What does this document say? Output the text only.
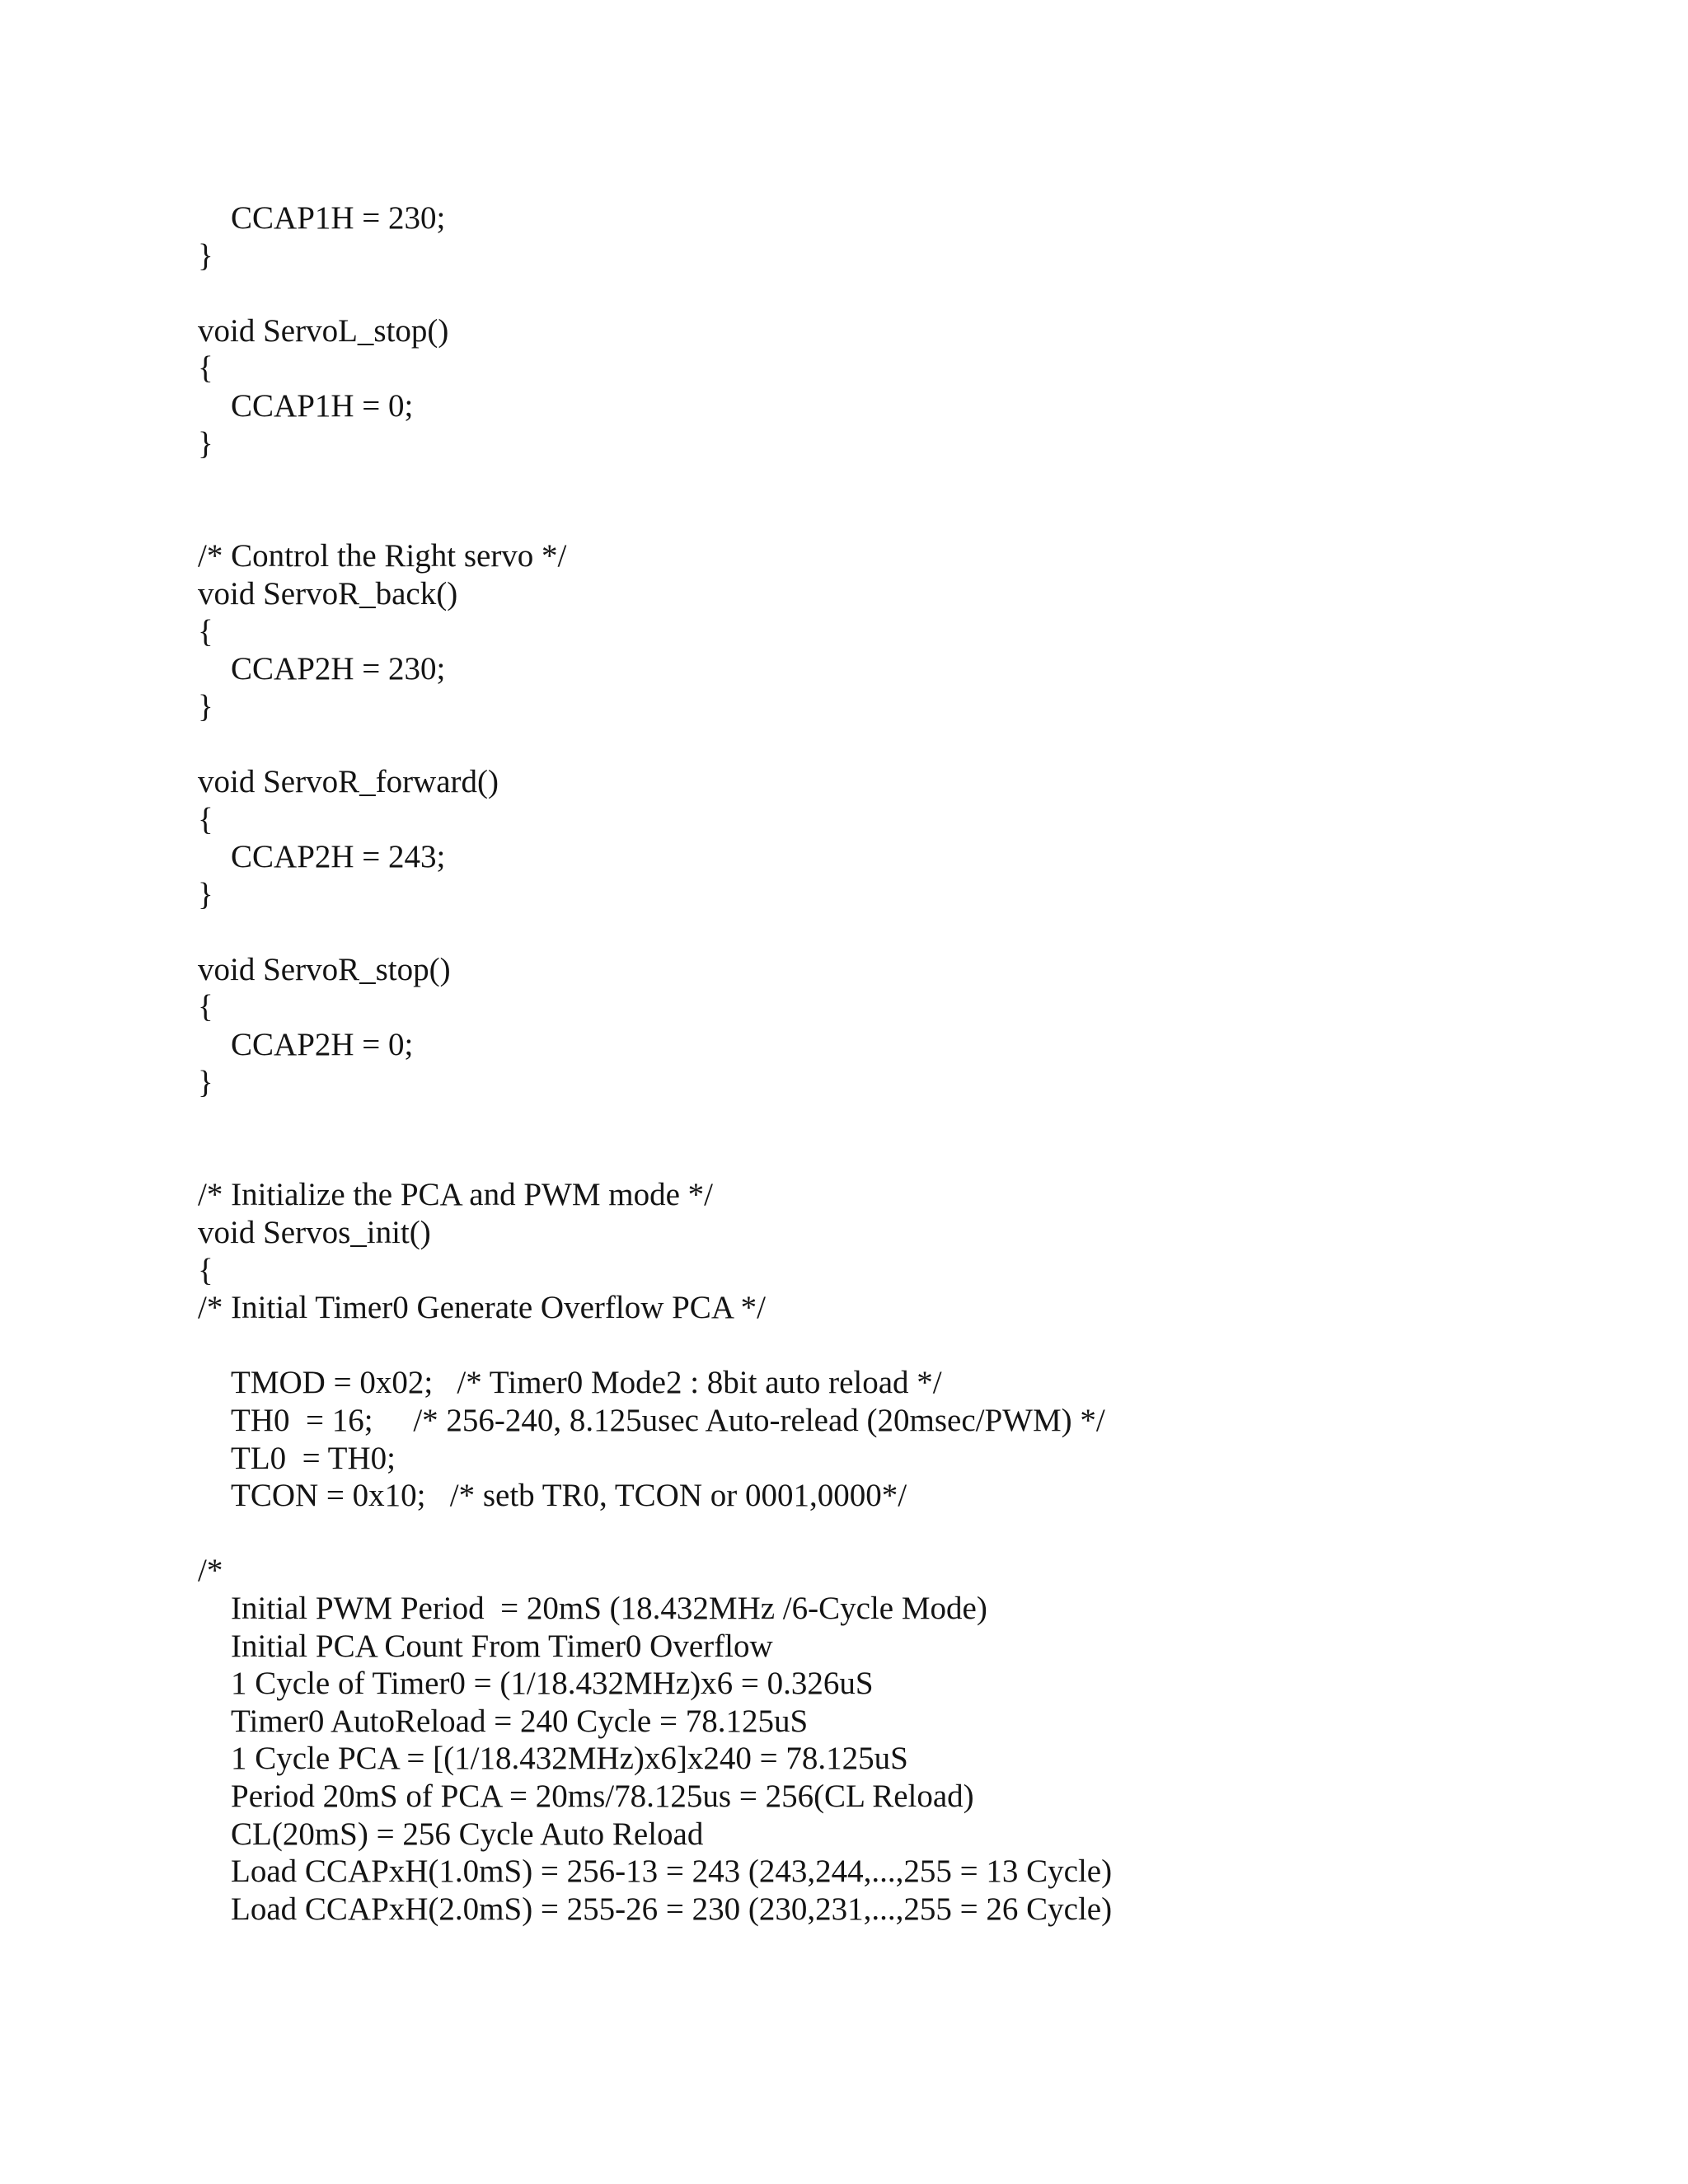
CCAP1H = 230;
}
void ServoL_stop()
{
CCAP1H = 0;
}
/* Control the Right servo */
void ServoR_back()
{
CCAP2H = 230;
}
void ServoR_forward()
{
CCAP2H = 243;
}
void ServoR_stop()
{
CCAP2H = 0;
}
/* Initialize the PCA and PWM mode */
void Servos_init()
{
/* Initial Timer0 Generate Overflow PCA */
TMOD = 0x02;   /* Timer0 Mode2 : 8bit auto reload */
TH0  = 16;     /* 256-240, 8.125usec Auto-relead (20msec/PWM) */
TL0  = TH0;
TCON = 0x10;   /* setb TR0, TCON or 0001,0000*/
/*
Initial PWM Period  = 20mS (18.432MHz /6-Cycle Mode)
Initial PCA Count From Timer0 Overflow
1 Cycle of Timer0 = (1/18.432MHz)x6 = 0.326uS
Timer0 AutoReload = 240 Cycle = 78.125uS
1 Cycle PCA = [(1/18.432MHz)x6]x240 = 78.125uS
Period 20mS of PCA = 20ms/78.125us = 256(CL Reload)
CL(20mS) = 256 Cycle Auto Reload
Load CCAPxH(1.0mS) = 256-13 = 243 (243,244,...,255 = 13 Cycle)
Load CCAPxH(2.0mS) = 255-26 = 230 (230,231,...,255 = 26 Cycle)
